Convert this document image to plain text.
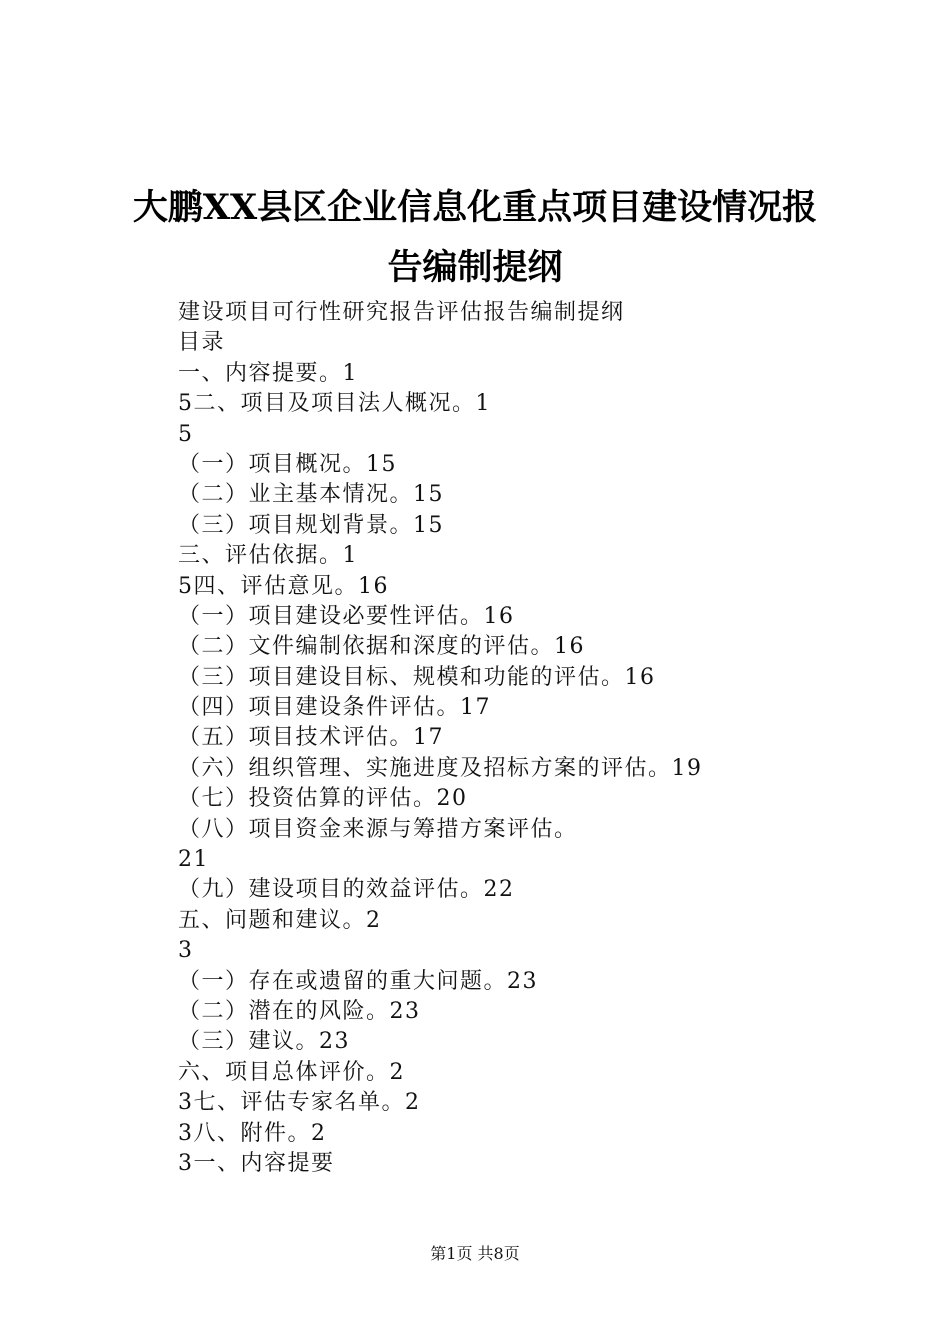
大鹏XX县区企业信息化重点项目建设情况报
告编制提纲
建设项目可行性研究报告评估报告编制提纲
目录
一、内容提要。1
5二、项目及项目法人概况。1
5
（一）项目概况。15
（二）业主基本情况。15
（三）项目规划背景。15
三、评估依据。1
5四、评估意见。16
（一）项目建设必要性评估。16
（二）文件编制依据和深度的评估。16
（三）项目建设目标、规模和功能的评估。16
（四）项目建设条件评估。17
（五）项目技术评估。17
（六）组织管理、实施进度及招标方案的评估。19
（七）投资估算的评估。20
（八）项目资金来源与筹措方案评估。
21
（九）建设项目的效益评估。22
五、问题和建议。2
3
（一）存在或遗留的重大问题。23
（二）潜在的风险。23
（三）建议。23
六、项目总体评价。2
3七、评估专家名单。2
3八、附件。2
3一、内容提要
第1页 共8页
